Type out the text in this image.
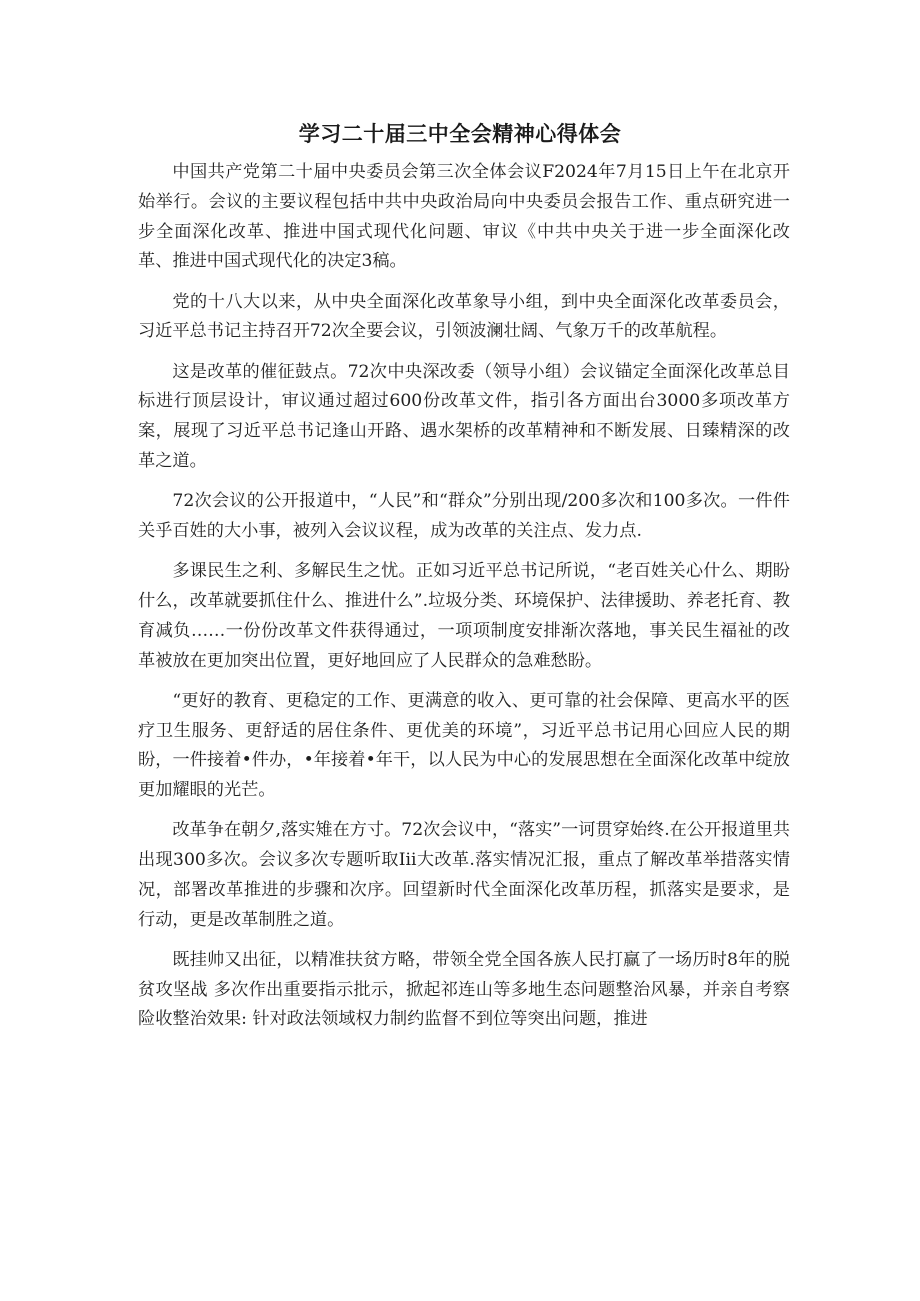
学习二十届三中全会精神心得体会

中国共产党第二十届中央委员会第三次全体会议F2024年7月15日上午在北京开始举行。会议的主要议程包括中共中央政治局向中央委员会报告工作、重点研究进一步全面深化改革、推进中国式现代化问题、审议《中共中央关于进一步全面深化改革、推进中国式现代化的决定3稿。

党的十八大以来，从中央全面深化改革象导小组，到中央全面深化改革委员会，习近平总书记主持召开72次全要会议，引领波澜壮阔、气象万千的改革航程。

这是改革的催征鼓点。72次中央深改委（领导小组）会议锚定全面深化改革总目标进行顶层设计，审议通过超过600份改革文件，指引各方面出台3000多项改革方案，展现了习近平总书记逢山开路、遇水架桥的改革精神和不断发展、日臻精深的改革之道。

72次会议的公开报道中，“人民”和“群众”分别出现/200多次和100多次。一件件关乎百姓的大小事，被列入会议议程，成为改革的关注点、发力点.

多课民生之利、多解民生之忧。正如习近平总书记所说，“老百姓关心什么、期盼什么，改革就要抓住什么、推进什么”.垃圾分类、环境保护、法律援助、养老托育、教育减负……一份份改革文件获得通过，一项项制度安排渐次落地，事关民生福祉的改革被放在更加突出位置，更好地回应了人民群众的急难愁盼。

“更好的教育、更稳定的工作、更满意的收入、更可靠的社会保障、更高水平的医疗卫生服务、更舒适的居住条件、更优美的环境”，习近平总书记用心回应人民的期盼，一件接着•件办，•年接着•年干，以人民为中心的发展思想在全面深化改革中绽放更加耀眼的光芒。

改革争在朝夕,落实雉在方寸。72次会议中，“落实”一诃贯穿始终.在公开报道里共出现300多次。会议多次专题听取Iii大改革.落实情况汇报，重点了解改革举措落实情况，部署改革推进的步骤和次序。回望新时代全面深化改革历程，抓落实是要求，是行动，更是改革制胜之道。

既挂帅又出征，以精准扶贫方略，带领全党全国各族人民打赢了一场历时8年的脱贫攻坚战 多次作出重要指示批示，掀起祁连山等多地生态问题整治风暴，并亲自考察险收整治效果: 针对政法领域权力制约监督不到位等突出问题，推进
